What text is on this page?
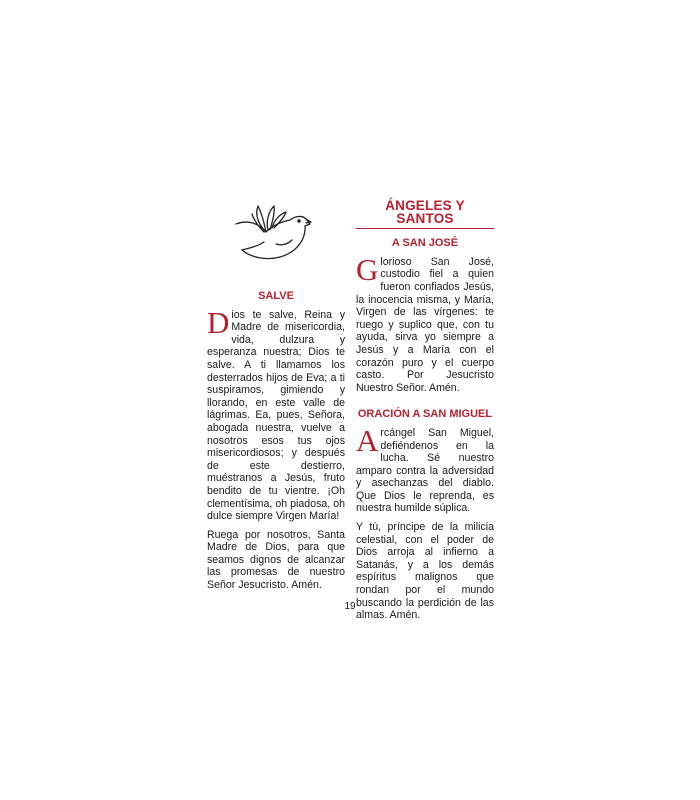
SALVE

Dios te salve, Reina y Madre de misericordia, vida, dulzura y esperanza nuestra; Dios te salve. A ti llamamos los desterrados hijos de Eva; a ti suspiramos, gimiendo y llorando, en este valle de lágrimas. Ea, pues, Señora, abogada nuestra, vuelve a nosotros esos tus ojos misericordiosos; y después de este destierro, muéstranos a Jesús, fruto bendito de tu vientre. ¡Oh clementísima, oh piadosa, oh dulce siempre Virgen María!

Ruega por nosotros, Santa Madre de Dios, para que seamos dignos de alcanzar las promesas de nuestro Señor Jesucristo. Amén.

ÁNGELES Y SANTOS
A SAN JOSÉ

Glorioso San José, custodio fiel a quien fueron confiados Jesús, la inocencia misma, y María, Virgen de las vírgenes: te ruego y suplico que, con tu ayuda, sirva yo siempre a Jesús y a María con el corazón puro y el cuerpo casto. Por Jesucristo Nuestro Señor. Amén.

ORACIÓN A SAN MIGUEL

Arcángel San Miguel, defiéndenos en la lucha. Sé nuestro amparo contra la adversidad y asechanzas del diablo. Que Dios le reprenda, es nuestra humilde súplica.

Y tú, príncipe de la milicia celestial, con el poder de Dios arroja al infierno a Satanás, y a los demás espíritus malignos que rondan por el mundo buscando la perdición de las almas. Amén.

19
